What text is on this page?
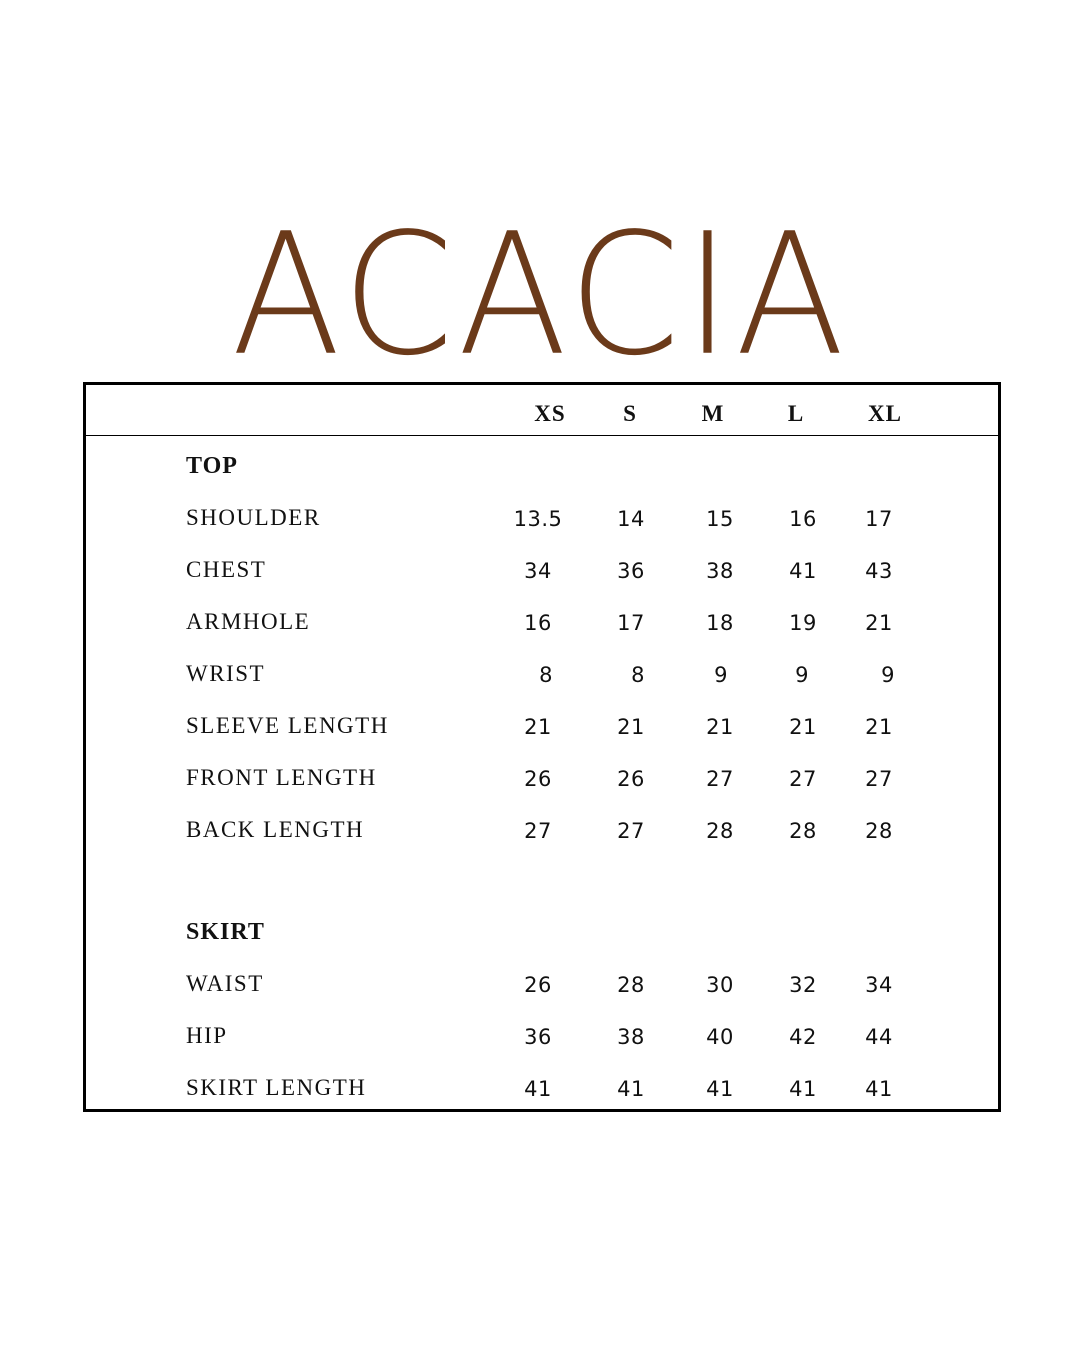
ACACIA
XS	S	M	L	XL
TOP
SHOULDER	13.5	14	15	16	17
CHEST	34	36	38	41	43
ARMHOLE	16	17	18	19	21
WRIST	8	8	9	9	9
SLEEVE LENGTH	21	21	21	21	21
FRONT LENGTH	26	26	27	27	27
BACK LENGTH	27	27	28	28	28
SKIRT
WAIST	26	28	30	32	34
HIP	36	38	40	42	44
SKIRT LENGTH	41	41	41	41	41
